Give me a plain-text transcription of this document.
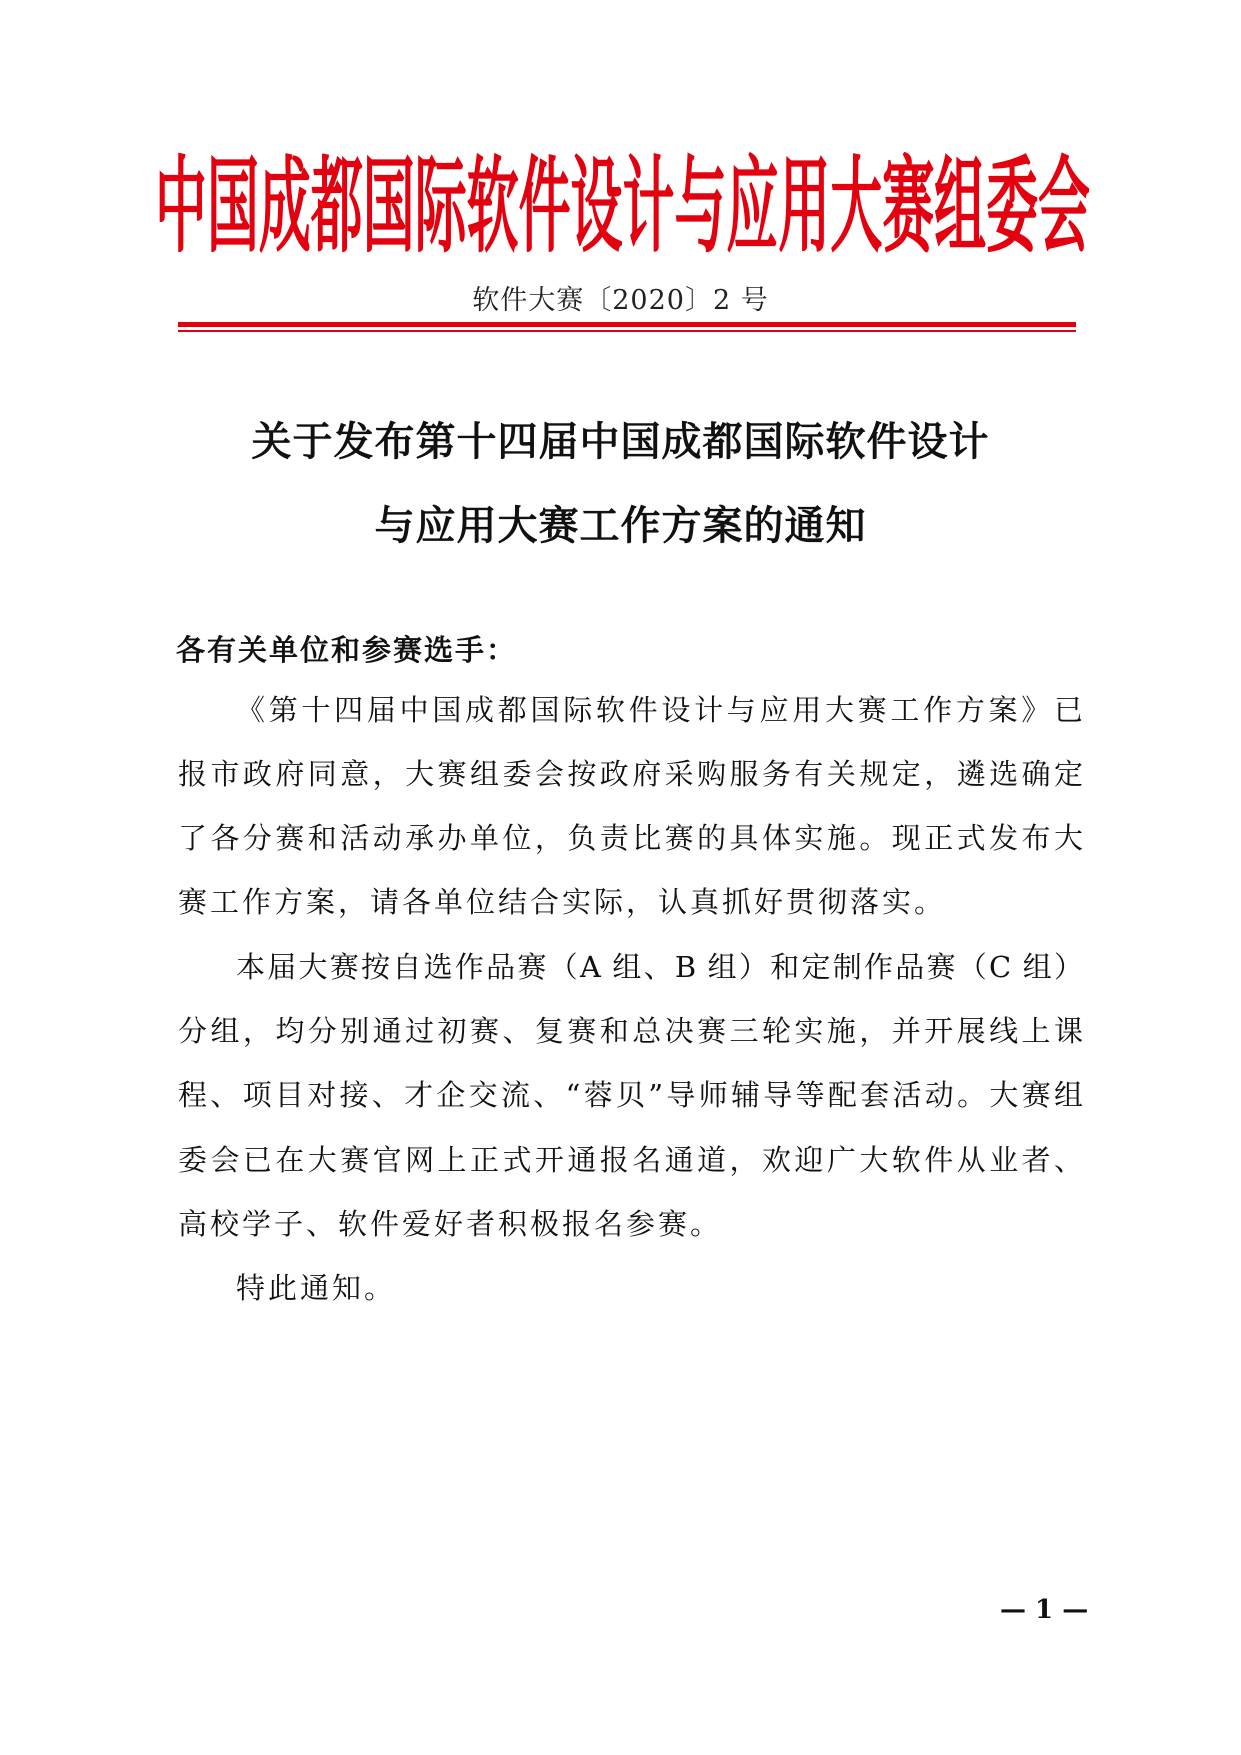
中国成都国际软件设计与应用大赛组委会
软件大赛〔2020〕2 号
关于发布第十四届中国成都国际软件设计
与应用大赛工作方案的通知
各有关单位和参赛选手：
《第十四届中国成都国际软件设计与应用大赛工作方案》已
报市政府同意，大赛组委会按政府采购服务有关规定，遴选确定
了各分赛和活动承办单位，负责比赛的具体实施。现正式发布大
赛工作方案，请各单位结合实际，认真抓好贯彻落实。
本届大赛按自选作品赛（A 组、B 组）和定制作品赛（C 组）
分组，均分别通过初赛、复赛和总决赛三轮实施，并开展线上课
程、项目对接、才企交流、“蓉贝”导师辅导等配套活动。大赛组
委会已在大赛官网上正式开通报名通道，欢迎广大软件从业者、
高校学子、软件爱好者积极报名参赛。
特此通知。
— 1 —
